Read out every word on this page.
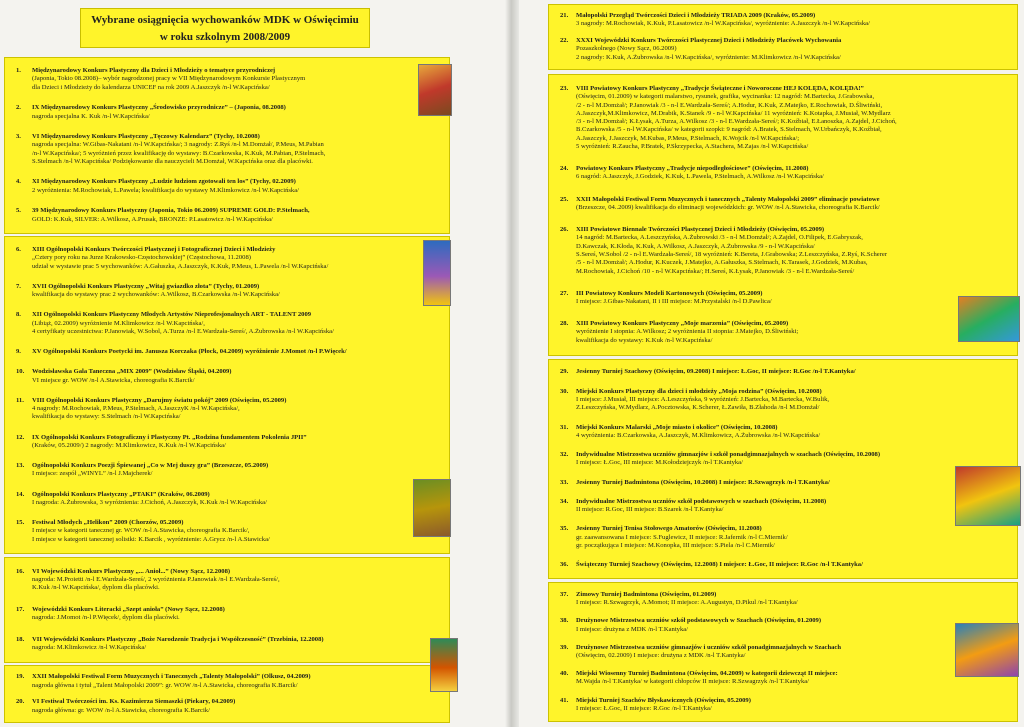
Wybrane osiągnięcia wychowanków MDK w Oświęcimiu
w roku szkolnym 2008/2009
1. Międzynarodowy Konkurs Plastyczny dla Dzieci i Młodzieży o tematyce przyrodniczej
(Japonia, Tokio 08.2008)– wybór nagrodzonej pracy w VII Międzynarodowym Konkursie Plastycznym
dla Dzieci i Młodzieży do kalendarza UNICEF na rok 2009 A.Jaszczyk /n-l W.Kapcińska/
2. IX Międzynarodowy Konkurs Plastyczny „Środowisko przyrodnicze” – (Japonia, 08.2008)
nagroda specjalna K. Kuk /n-l W.Kapcińska/
3. VI Międzynarodowy Konkurs Plastyczny „Tęczowy Kalendarz” (Tychy, 10.2008)
nagroda specjalna: W.Gibas-Nakatani /n-l W.Kapcińska/; 3 nagrody: Z.Ryś /n-l M.Domżał/, P.Meus, M.Pabian
/n-l W.Kapcińska/; 5 wyróżnień przez kwalifikację do wystawy: B.Czarkowska, K.Kuk, M.Pabian, P.Stelmach,
S.Stelmach /n-l W.Kapcińska/ Podziękowanie dla nauczycieli M.Domżał, W.Kapcińska oraz dla placówki.
4. XI Międzynarodowy Konkurs Plastyczny „Ludzie ludziom zgotowali ten los” (Tychy, 02.2009)
2 wyróżnienia: M.Rochowiak, L.Pawela; kwalifikacja do wystawy M.Klimkowicz /n-l W.Kapcińska/
5. 39 Międzynarodowy Konkurs Plastyczny (Japonia, Tokio 06.2009) SUPREME GOLD: P.Stelmach,
GOLD: K.Kuk, SILVER: A.Wilkosz, A.Prusak, BRONZE: P.Lasatowicz /n-l W.Kapcińska/
6. XIII Ogólnopolski Konkurs Twórczości Plastycznej i Fotograficznej Dzieci i Młodzieży
„Cztery pory roku na Jurze Krakowsko-Częstochowskiej” (Częstochowa, 11.2008)
udział w wystawie prac 5 wychowanków: A.Gałuszka, A.Jaszczyk, K.Kuk, P.Meus, L.Pawela /n-l W.Kapcińska/
7. XVII Ogólnopolski Konkurs Plastyczny „Witaj gwiazdko złota” (Tychy, 01.2009)
kwalifikacja do wystawy prac 2 wychowanków: A.Wilkosz, B.Czarkowska /n-l W.Kapcińska/
8. XII Ogólnopolski Konkurs Plastyczny Młodych Artystów Nieprofesjonalnych ART - TALENT 2009
(Libiąż, 02.2009) wyróżnienie M.Klimkowicz /n-l W.Kapcińska/,
4 certyfikaty uczestnictwa: P.Janowiak, W.Sobol, A.Turza /n-l E.Wardzała-Sereś/, A.Żubrowska /n-l W.Kapcińska/
9. XV Ogólnopolski Konkurs Poetycki im. Janusza Korczaka (Płock, 04.2009) wyróżnienie J.Momot /n-l P.Więcek/
10. Wodzisławska Gala Taneczna „MIX 2009” (Wodzisław Śląski, 04.2009)
VI miejsce gr. WOW /n-l A.Stawicka, choreografia K.Barcik/
11. VIII Ogólnopolski Konkurs Plastyczny „Darujmy światu pokój” 2009 (Oświęcim, 05.2009)
4 nagrody: M.Rochowiak, P.Meus, P.Stelmach, A.JaszczyK /n-l W.Kapcińska/,
kwalifikacja do wystawy: S.Stelmach /n-l W.Kapcińska/
12. IX Ogólnopolski Konkurs Fotograficzny i Plastyczny Pt. „Rodzina fundamentem Pokolenia JPII”
(Kraków, 05.2009/) 2 nagrody: M.Klimkowicz, K.Kuk /n-l W.Kapcińska/
13. Ogólnopolski Konkurs Poezji Śpiewanej „Co w Mej duszy gra” (Brzeszcze, 05.2009)
I miejsce: zespół „WINYL” /n-l J.Majcherek/
14. Ogólnopolski Konkurs Plastyczny „PTAKI” (Kraków, 06.2009)
I nagroda: A.Żubrowska, 3 wyróżnienia: J.Cichoń, A.Jaszczyk, K.Kuk /n-l W.Kapcińska/
15. Festiwal Młodych „Helikon” 2009 (Chorzów, 05.2009)
I miejsce w kategorii tanecznej gr. WOW /n-l A.Stawicka, choreografia K.Barcik/,
I miejsce w kategorii tanecznej solistki: K.Barcik , wyróżnienie: A.Grycz /n-l A.Stawicka/
16. VI Wojewódzki Konkurs Plastyczny „... Anioł...” (Nowy Sącz, 12.2008)
nagroda: M.Proietti /n-l E.Wardzała-Sereś/, 2 wyróżnienia P.Janowiak /n-l E.Wardzała-Sereś/,
K.Kuk /n-l W.Kapcińska/, dyplom dla placówki.
17. Wojewódzki Konkurs Literacki „Szept anioła” (Nowy Sącz, 12.2008)
nagroda: J.Momot /n-l P.Więcek/, dyplom dla placówki.
18. VII Wojewódzki Konkurs Plastyczny „Boże Narodzenie Tradycja i Współczesność” (Trzebinia, 12.2008)
nagroda: M.Klimkowicz /n-l W.Kapcińska/
19. XXII Małopolski Festiwal Form Muzycznych i Tanecznych „Talenty Małopolski” (Olkusz, 04.2009)
nagroda główna i tytuł „Talent Małopolski 2009”: gr. WOW /n-l A.Stawicka, choreografia K.Barcik/
20. VI Festiwal Twórczości im. Ks. Kazimierza Siemaszki (Piekary, 04.2009)
nagroda główna: gr. WOW /n-l A.Stawicka, choreografia K.Barcik/
21. Małopolski Przegląd Twórczości Dzieci i Młodzieży TRIADA 2009 (Kraków, 05.2009)
3 nagrody: M.Rochowiak, K.Kuk, P.Lasatowicz /n-l W.Kapcińska/, wyróżnienie: A.Jaszczyk /n-l W.Kapcińska/
22. XXXI Wojewódzki Konkurs Twórczości Plastycznej Dzieci i Młodzieży Placówek Wychowania
Pozaszkolnego (Nowy Sącz, 06.2009)
2 nagrody: K.Kuk, A.Żubrowska /n-l W.Kapcińska/, wyróżnienie: M.Klimkowicz /n-l W.Kapcińska/
23. VIII Powiatowy Konkurs Plastyczny „Tradycje Świąteczne i Noworoczne HEJ KOLĘDA, KOLĘDA!”
(Oświęcim, 01.2009) w kategorii malarstwo, rysunek, grafika, wycinanka: 12 nagród: M.Bartecka, J.Grabowska,
/2 - n-l M.Domżał/; P.Janowiak /3 - n-l E.Wardzała-Sereś/; A.Hodur, K.Kuk, Z.Matejko, E.Rochowiak, D.Śliwiński,
A.Jaszczyk,M.Klimkowicz, M.Drabik, K.Stanek /9 - n-l W.Kapcińska/ 11 wyróżnień: K.Kotapka, J.Musiał, W.Mydlarz
/3 - n-l M.Domżał/; K.Łysak, A.Turza, A.Wilkosz /3 - n-l E.Wardzała-Sereś/; K.Koźbiał, E.Łanoszka, A.Zajdel, J.Cichoń,
B.Czarkowska /5 - n-l W.Kapcińska/ w kategorii szopki: 9 nagród: A.Bratek, S.Stelmach, W.Urbańczyk, K.Koźbiał,
A.Jaszczyk, J.Jaszczyk, M.Kubas, P.Meus, P.Stelmach, K.Wojcik /n-l W.Kapcińska/;
5 wyróżnień: R.Zaucha, P.Bratek, P.Skrzypecka, A.Stachera, M.Zajas /n-l W.Kapcińska/
24. Powiatowy Konkurs Plastyczny „Tradycje niepodległościowe” (Oświęcim, 11.2008)
6 nagród: A.Jaszczyk, J.Godziek, K.Kuk, L.Pawela, P.Stelmach, A.Wilkosz /n-l W.Kapcińska/
25. XXII Małopolski Festiwal Form Muzycznych i tanecznych „Talenty Małopolski 2009” eliminacje powiatowe
(Brzeszcze, 04..2009) kwalifikacja do eliminacji wojewódzkich: gr. WOW /n-l A.Stawicka, choreografia K.Barcik/
26. XIII Powiatowe Biennale Twórczości Plastycznej Dzieci i Młodzieży (Oświęcim, 05.2009)
14 nagród: M.Bartecka, A.Leszczyńska, A.Żubrowski /3 - n-l M.Domżał/; A.Zajdel, O.Filipek, E.Gabryszak,
D.Kawczak, K.Kłoda, K.Kuk, A.Wilkosz, A.Jaszczyk, A.Żubrowska /9 - n-l W.Kapcińska/
S.Sereś, W.Sobol /2 - n-l E.Wardzała-Sereś/, 18 wyróżnień: K.Bereta, J.Grabowska; Z.Leszczyńska, Z.Ryś, K.Scherer
/5 - n-l M.Domżał/; A.Hodur, K.Kuczek, J.Matejko, A.Gałuszka, S.Stelmach, K.Tarasek, J.Godziek, M.Kubas,
M.Rochowiak, J.Cichoń /10 - n-l W.Kapcińska/; H.Sereś, K.Łysak, P.Janowiak /3 - n-l E.Wardzała-Sereś/
27. III Powiatowy Konkurs Modeli Kartonowych (Oświęcim, 05.2009)
I miejsce: J.Gibas-Nakatani, II i III miejsce: M.Przystalski /n-l D.Pawlica/
28. XIII Powiatowy Konkurs Plastyczny „Moje marzenia” (Oświęcim, 05.2009)
wyróżnienie I stopnia: A.Wilkosz; 2 wyróżnienia II stopnia: J.Matejko, D.Śliwiński;
kwalifikacja do wystawy: K.Kuk /n-l W.Kapcińska/
29. Jesienny Turniej Szachowy (Oświęcim, 09.2008) I miejsce: Ł.Goc, II miejsce: R.Goc /n-l T.Kantyka/
30. Miejski Konkurs Plastyczny dla dzieci i młodzieży „Moja rodzina” (Oświęcim, 10.2008)
I miejsce: J.Musiał, III miejsce: A.Leszczyńska, 9 wyróżnień: J.Bartecka, M.Bartecka, W.Bulik,
Z.Leszczyńska, W.Mydlarz, A.Pocztowska, K.Scherer, Ł.Zawiła, B.Złahoda /n-l M.Domżał/
31. Miejski Konkurs Malarski „Moje miasto i okolice” (Oświęcim, 10.2008)
4 wyróżnienia: B.Czarkowska, A.Jaszczyk, M.Klimkowicz, A.Żubrowska /n-l W.Kapcińska/
32. Indywidualne Mistrzostwa uczniów gimnazjów i szkół ponadgimnazjalnych w szachach (Oświęcim, 10.2008)
I miejsce: Ł.Goc, III miejsce: M.Kołodziejczyk /n-l T.Kantyka/
33. Jesienny Turniej Badmintona (Oświęcim, 10.2008) I miejsce: R.Szwagrzyk /n-l T.Kantyka/
34. Indywidualne Mistrzostwa uczniów szkół podstawowych w szachach (Oświęcim, 11.2008)
II miejsce: R.Goc, III miejsce: B.Szarek /n-l T.Kantyka/
35. Jesienny Turniej Tenisa Stołowego Amatorów (Oświęcim, 11.2008)
gr. zaawansowana I miejsce: S.Fuglewicz, II miejsce: R.Jafernik /n-l C.Miernik/
gr. początkująca I miejsce: M.Konopka, III miejsce: S.Piela /n-l C.Miernik/
36. Świąteczny Turniej Szachowy (Oświęcim, 12.2008) I miejsce: Ł.Goc, II miejsce: R.Goc /n-l T.Kantyka/
37. Zimowy Turniej Badmintona (Oświęcim, 01.2009)
I miejsce: R.Szwagrzyk, A.Momot; II miejsce: A.Augustyn, D.Pikul /n-l T.Kantyka/
38. Drużynowe Mistrzostwa uczniów szkół podstawowych w Szachach (Oświęcim, 01.2009)
I miejsce: drużyna z MDK /n-l T.Kantyka/
39. Drużynowe Mistrzostwa uczniów gimnazjów i uczniów szkół ponadgimnazjalnych w Szachach
(Oświęcim, 02.2009) I miejsce: drużyna z MDK /n-l T.Kantyka/
40. Miejski Wiosenny Turniej Badmintona (Oświęcim, 04.2009) w kategorii dziewcząt II miejsce:
M.Wajda /n-l T.Kantyka/ w kategorii chłopców II miejsce: R.Szwagrzyk /n-l T.Kantyka/
41. Miejski Turniej Szachów Błyskawicznych (Oświęcim, 05.2009)
I miejsce: Ł.Goc, II miejsce: R.Goc /n-l T.Kantyka/
